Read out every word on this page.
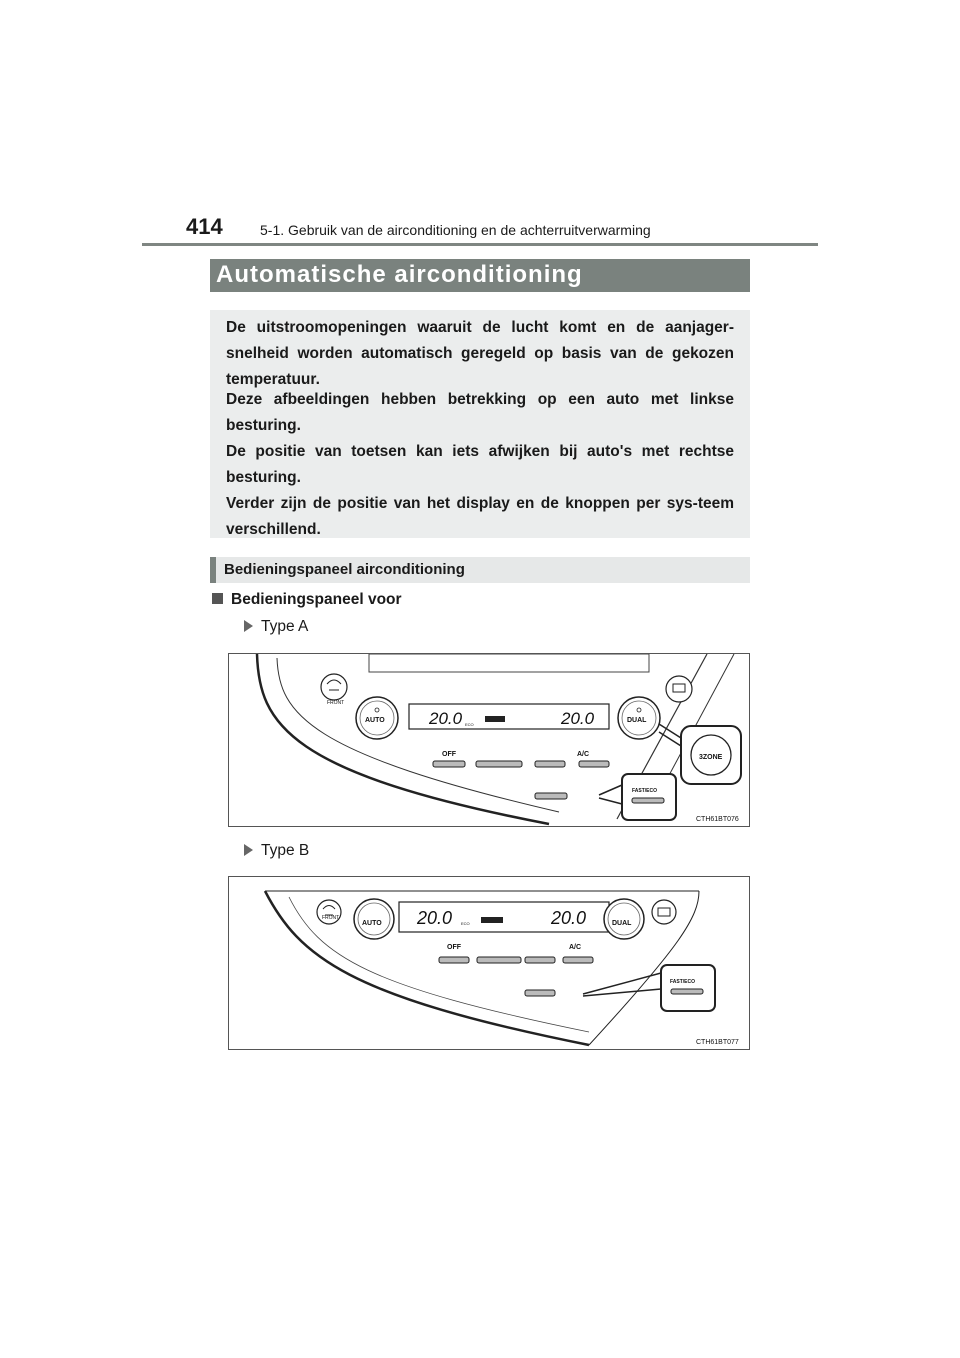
414	5-1. Gebruik van de airconditioning en de achterruitverwarming
Automatische airconditioning

De uitstroomopeningen waaruit de lucht komt en de aanjager-snelheid worden automatisch geregeld op basis van de gekozen temperatuur.

Deze afbeeldingen hebben betrekking op een auto met linkse besturing.

De positie van toetsen kan iets afwijken bij auto's met rechtse besturing.

Verder zijn de positie van het display en de knoppen per sys-teem verschillend.

Bedieningspaneel airconditioning
Bedieningspaneel voor
Type A
FRONT
AUTO	20.0 ECO	20.0	DUAL
OFF	A/C	3ZONE
FAST/ECO
CTH61BT076
Type B
FRONT
AUTO 20.0 ECO	20.0	DUAL
OFF	A/C
FAST/ECO
CTH61BT077
